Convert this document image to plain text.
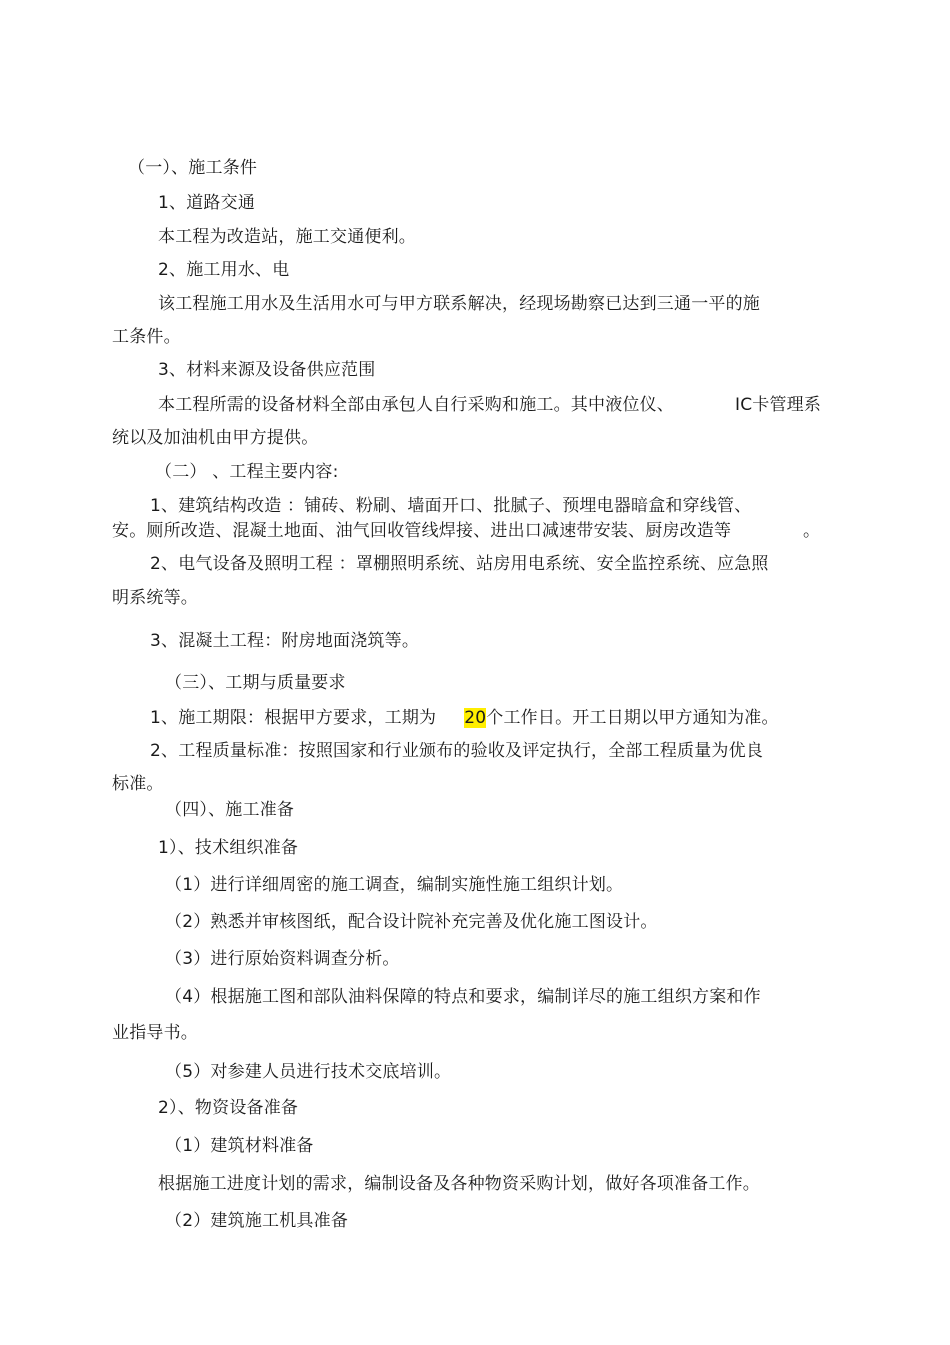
（一）、施工条件
1、道路交通
本工程为改造站，施工交通便利。
2、施工用水、电
该工程施工用水及生活用水可与甲方联系解决，经现场勘察已达到三通一平的施
工条件。
3、材料来源及设备供应范围
本工程所需的设备材料全部由承包人自行采购和施工。其中液位仪、	IC卡管理系
统以及加油机由甲方提供。
（二） 、工程主要内容:
1、建筑结构改造 ：铺砖、粉刷、墙面开口、批腻子、预埋电器暗盒和穿线管、
安。厕所改造、混凝土地面、油气回收管线焊接、进出口减速带安装、厨房改造等	。
2、电气设备及照明工程 ：罩棚照明系统、站房用电系统、安全监控系统、应急照
明系统等。
3、混凝土工程：附房地面浇筑等。
（三）、工期与质量要求
1、施工期限：根据甲方要求，工期为 20个工作日。开工日期以甲方通知为准。
2、工程质量标准：按照国家和行业颁布的验收及评定执行，全部工程质量为优良
标准。
（四）、施工准备
1）、技术组织准备
（1）进行详细周密的施工调查，编制实施性施工组织计划。
（2）熟悉并审核图纸，配合设计院补充完善及优化施工图设计。
（3）进行原始资料调查分析。
（4）根据施工图和部队油料保障的特点和要求，编制详尽的施工组织方案和作
业指导书。
（5）对参建人员进行技术交底培训。
2）、物资设备准备
（1）建筑材料准备
根据施工进度计划的需求，编制设备及各种物资采购计划，做好各项准备工作。
（2）建筑施工机具准备
